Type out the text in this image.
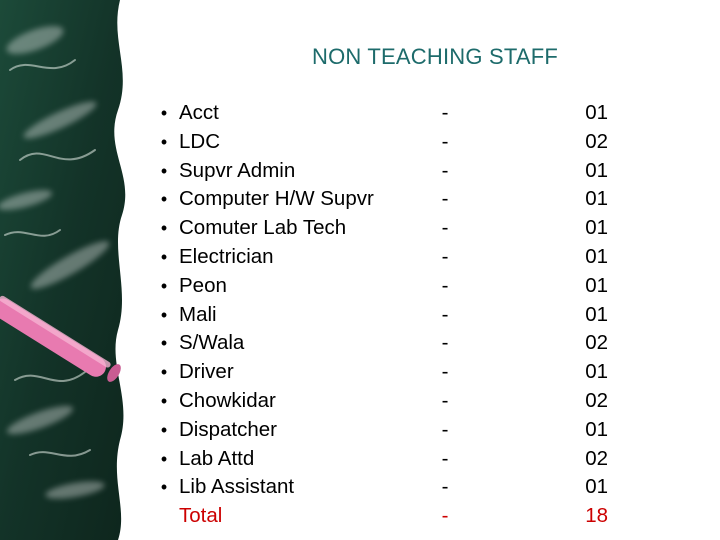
NON TEACHING STAFF
• Acct	-	01
• LDC	-	02
• Supvr Admin	-	01
• Computer H/W Supvr	-	01
• Comuter Lab Tech	-	01
• Electrician	-	01
• Peon	-	01
• Mali	-	01
• S/Wala	-	02
• Driver	-	01
• Chowkidar	-	02
• Dispatcher	-	01
• Lab Attd	-	02
• Lib Assistant	-	01
Total	-	18
